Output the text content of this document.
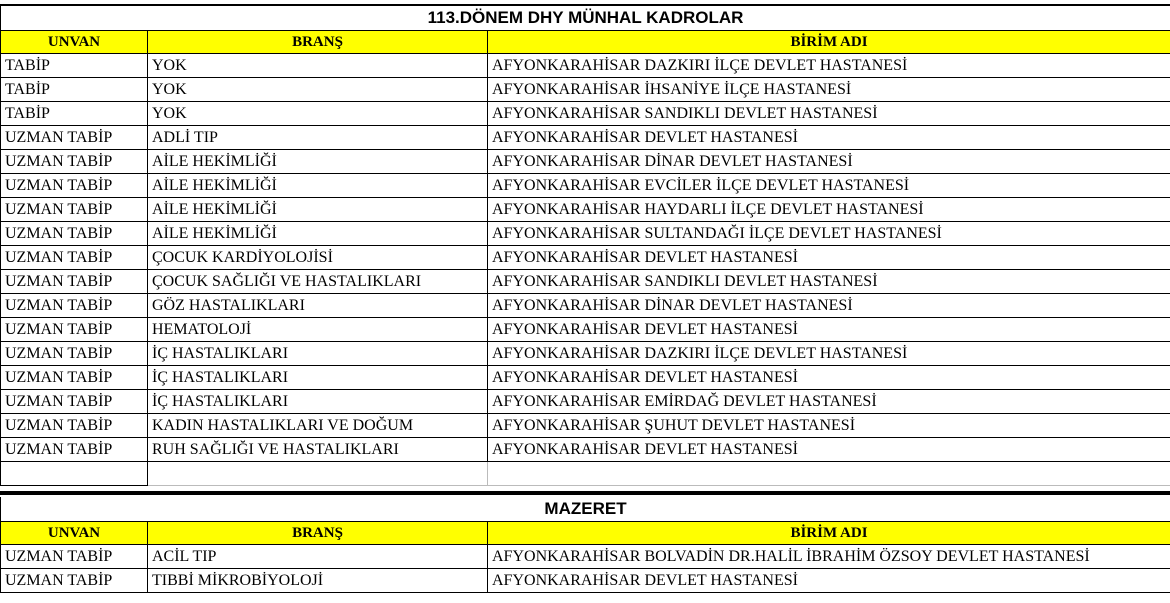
113.DÖNEM DHY MÜNHAL KADROLAR		
UNVAN	BRANŞ	BİRİM ADI
TABİP	YOK	AFYONKARAHİSAR DAZKIRI İLÇE DEVLET HASTANESİ
TABİP	YOK	AFYONKARAHİSAR İHSANİYE İLÇE HASTANESİ
TABİP	YOK	AFYONKARAHİSAR SANDIKLI DEVLET HASTANESİ
UZMAN TABİP	ADLİ TIP	AFYONKARAHİSAR DEVLET HASTANESİ
UZMAN TABİP	AİLE HEKİMLİĞİ	AFYONKARAHİSAR DİNAR DEVLET HASTANESİ
UZMAN TABİP	AİLE HEKİMLİĞİ	AFYONKARAHİSAR EVCİLER İLÇE DEVLET HASTANESİ
UZMAN TABİP	AİLE HEKİMLİĞİ	AFYONKARAHİSAR HAYDARLI İLÇE DEVLET HASTANESİ
UZMAN TABİP	AİLE HEKİMLİĞİ	AFYONKARAHİSAR SULTANDAĞI İLÇE DEVLET HASTANESİ
UZMAN TABİP	ÇOCUK KARDİYOLOJİSİ	AFYONKARAHİSAR DEVLET HASTANESİ
UZMAN TABİP	ÇOCUK SAĞLIĞI VE HASTALIKLARI	AFYONKARAHİSAR SANDIKLI DEVLET HASTANESİ
UZMAN TABİP	GÖZ HASTALIKLARI	AFYONKARAHİSAR DİNAR DEVLET HASTANESİ
UZMAN TABİP	HEMATOLOJİ	AFYONKARAHİSAR DEVLET HASTANESİ
UZMAN TABİP	İÇ HASTALIKLARI	AFYONKARAHİSAR DAZKIRI İLÇE DEVLET HASTANESİ
UZMAN TABİP	İÇ HASTALIKLARI	AFYONKARAHİSAR DEVLET HASTANESİ
UZMAN TABİP	İÇ HASTALIKLARI	AFYONKARAHİSAR EMİRDAĞ DEVLET HASTANESİ
UZMAN TABİP	KADIN HASTALIKLARI VE DOĞUM	AFYONKARAHİSAR ŞUHUT DEVLET HASTANESİ
UZMAN TABİP	RUH SAĞLIĞI VE HASTALIKLARI	AFYONKARAHİSAR DEVLET HASTANESİ

MAZERET		
UNVAN	BRANŞ	BİRİM ADI
UZMAN TABİP	ACİL TIP	AFYONKARAHİSAR BOLVADİN DR.HALİL İBRAHİM ÖZSOY DEVLET HASTANESİ
UZMAN TABİP	TIBBİ MİKROBİYOLOJİ	AFYONKARAHİSAR DEVLET HASTANESİ
